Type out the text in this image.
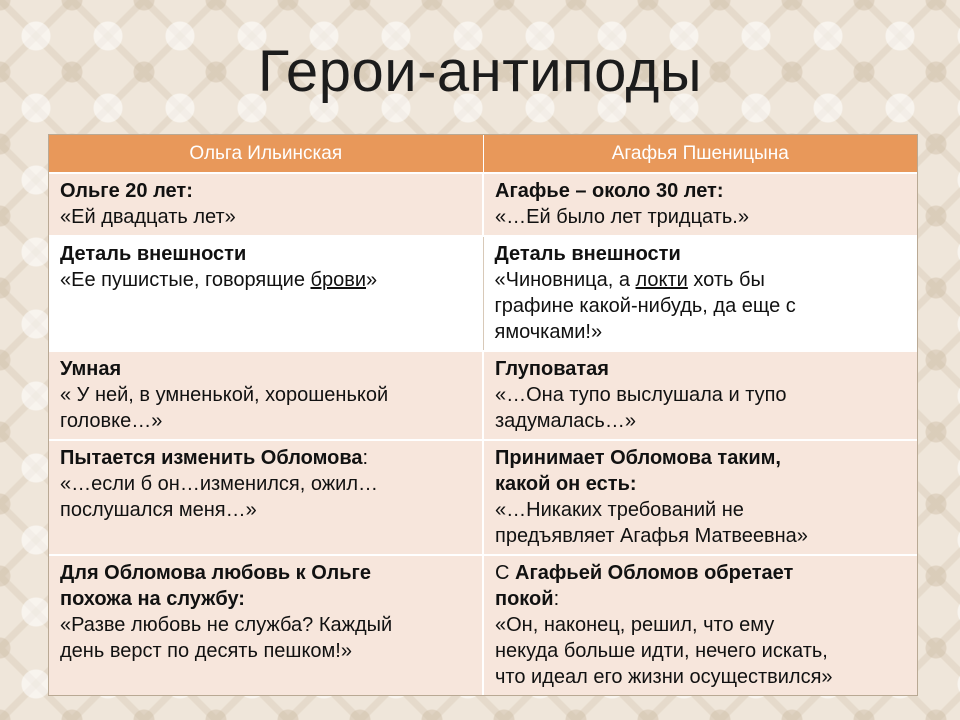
Герои-антиподы
Ольга Ильинская	Агафья Пшеницына
Ольге 20 лет:
«Ей двадцать лет»
Агафье – около 30 лет:
«…Ей было лет тридцать.»
Деталь внешности
«Ее пушистые, говорящие брови»
Деталь внешности
«Чиновница, а локти хоть бы
графине какой-нибудь, да еще с
ямочками!»
Умная
« У ней, в умненькой, хорошенькой
головке…»
Глуповатая
«…Она тупо выслушала и тупо
задумалась…»
Пытается изменить Обломова:
«…если б он…изменился, ожил…
послушался меня…»
Принимает Обломова таким,
какой он есть:
«…Никаких требований не
предъявляет Агафья Матвеевна»
Для Обломова любовь к Ольге
похожа на службу:
«Разве любовь не служба? Каждый
день верст по десять пешком!»
С Агафьей Обломов обретает
покой:
«Он, наконец, решил, что ему
некуда больше идти, нечего искать,
что идеал его жизни осуществился»
